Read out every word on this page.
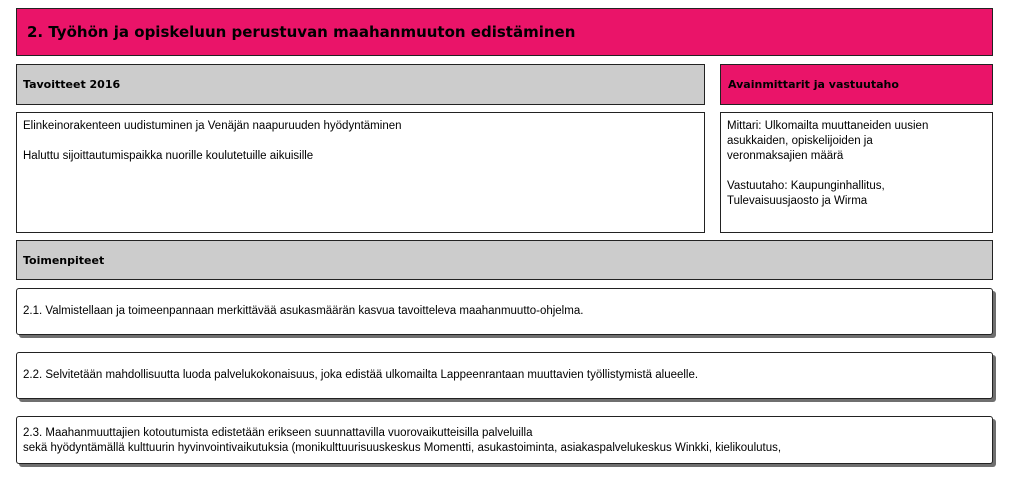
2. Työhön ja opiskeluun perustuvan maahanmuuton edistäminen
Tavoitteet 2016	Avainmittarit ja vastuutaho
Elinkeinorakenteen uudistuminen ja Venäjän naapuruuden hyödyntäminen
Haluttu sijoittautumispaikka nuorille koulutetuille aikuisille
Mittari: Ulkomailta muuttaneiden uusien
asukkaiden, opiskelijoiden ja
veronmaksajien määrä
Vastuutaho: Kaupunginhallitus,
Tulevaisuusjaosto ja Wirma
Toimenpiteet
2.1. Valmistellaan ja toimeenpannaan merkittävää asukasmäärän kasvua tavoitteleva maahanmuutto-ohjelma.
2.2. Selvitetään mahdollisuutta luoda palvelukokonaisuus, joka edistää ulkomailta Lappeenrantaan muuttavien työllistymistä alueelle.

2.3. Maahanmuuttajien kotoutumista edistetään erikseen suunnattavilla vuorovaikutteisilla palveluilla

sekä hyödyntämällä kulttuurin hyvinvointivaikutuksia (monikulttuurisuuskeskus Momentti, asukastoiminta, asiakaspalvelukeskus Winkki, kielikoulutus,
